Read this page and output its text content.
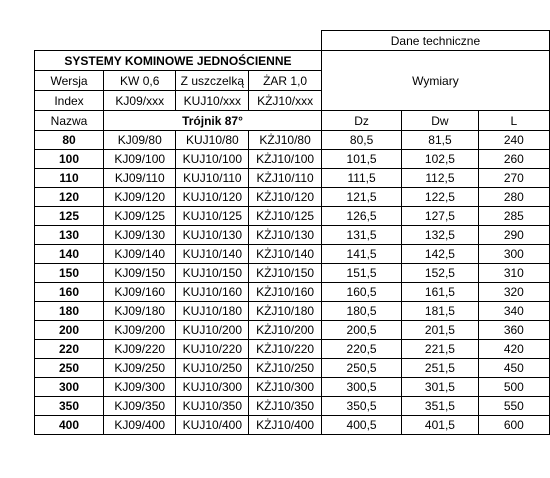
				Dane techniczne		
SYSTEMY KOMINOWE JEDNOŚCIENNE				Wymiary		
Wersja	KW 0,6	Z uszczelką	ŻAR 1,0			
Index	KJ09/xxx	KUJ10/xxx	KŻJ10/xxx			
Nazwa	Trójnik 87°			Dz	Dw	L
80	KJ09/80	KUJ10/80	KŻJ10/80	80,5	81,5	240
100	KJ09/100	KUJ10/100	KŻJ10/100	101,5	102,5	260
110	KJ09/110	KUJ10/110	KŻJ10/110	111,5	112,5	270
120	KJ09/120	KUJ10/120	KŻJ10/120	121,5	122,5	280
125	KJ09/125	KUJ10/125	KŻJ10/125	126,5	127,5	285
130	KJ09/130	KUJ10/130	KŻJ10/130	131,5	132,5	290
140	KJ09/140	KUJ10/140	KŻJ10/140	141,5	142,5	300
150	KJ09/150	KUJ10/150	KŻJ10/150	151,5	152,5	310
160	KJ09/160	KUJ10/160	KŻJ10/160	160,5	161,5	320
180	KJ09/180	KUJ10/180	KŻJ10/180	180,5	181,5	340
200	KJ09/200	KUJ10/200	KŻJ10/200	200,5	201,5	360
220	KJ09/220	KUJ10/220	KŻJ10/220	220,5	221,5	420
250	KJ09/250	KUJ10/250	KŻJ10/250	250,5	251,5	450
300	KJ09/300	KUJ10/300	KŻJ10/300	300,5	301,5	500
350	KJ09/350	KUJ10/350	KŻJ10/350	350,5	351,5	550
400	KJ09/400	KUJ10/400	KŻJ10/400	400,5	401,5	600
